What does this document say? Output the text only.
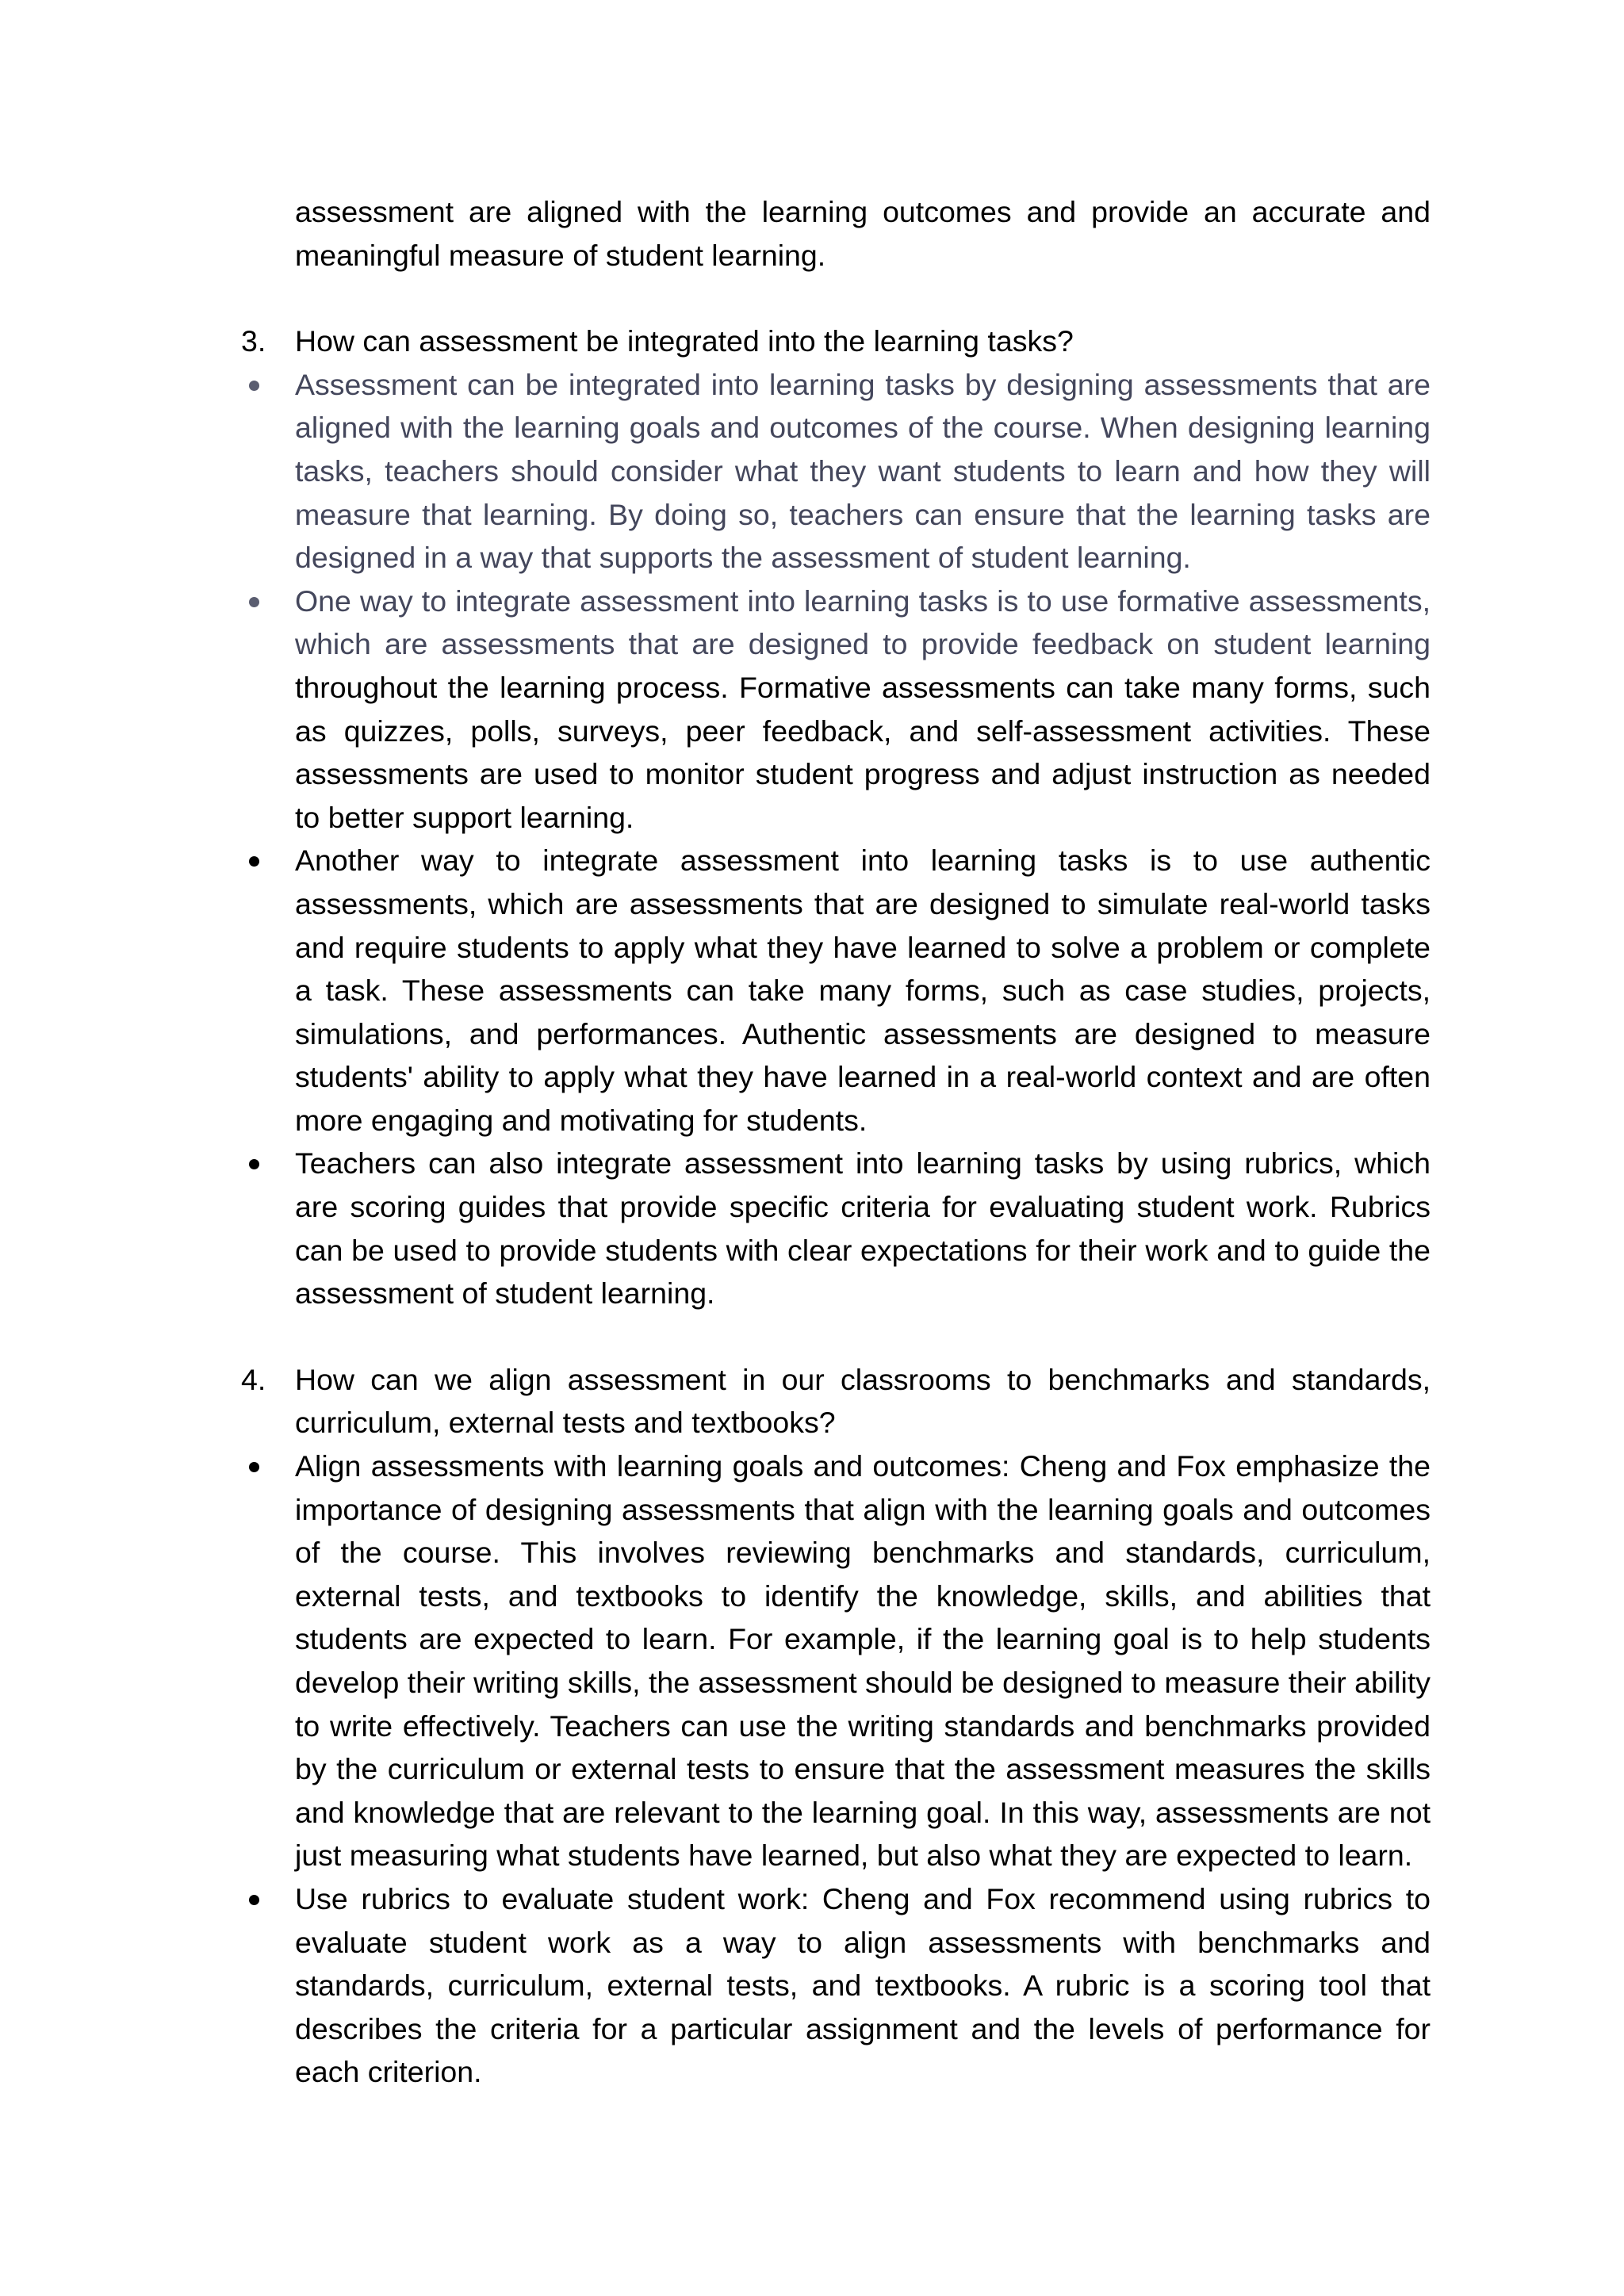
assessment are aligned with the learning outcomes and provide an accurate and meaningful measure of student learning.

3. How can assessment be integrated into the learning tasks?

Assessment can be integrated into learning tasks by designing assessments that are aligned with the learning goals and outcomes of the course. When designing learning tasks, teachers should consider what they want students to learn and how they will measure that learning. By doing so, teachers can ensure that the learning tasks are designed in a way that supports the assessment of student learning.

One way to integrate assessment into learning tasks is to use formative assessments, which are assessments that are designed to provide feedback on student learning throughout the learning process. Formative assessments can take many forms, such as quizzes, polls, surveys, peer feedback, and self-assessment activities. These assessments are used to monitor student progress and adjust instruction as needed to better support learning.

Another way to integrate assessment into learning tasks is to use authentic assessments, which are assessments that are designed to simulate real-world tasks and require students to apply what they have learned to solve a problem or complete a task. These assessments can take many forms, such as case studies, projects, simulations, and performances. Authentic assessments are designed to measure students' ability to apply what they have learned in a real-world context and are often more engaging and motivating for students.

Teachers can also integrate assessment into learning tasks by using rubrics, which are scoring guides that provide specific criteria for evaluating student work. Rubrics can be used to provide students with clear expectations for their work and to guide the assessment of student learning.

4. How can we align assessment in our classrooms to benchmarks and standards, curriculum, external tests and textbooks?

Align assessments with learning goals and outcomes: Cheng and Fox emphasize the importance of designing assessments that align with the learning goals and outcomes of the course. This involves reviewing benchmarks and standards, curriculum, external tests, and textbooks to identify the knowledge, skills, and abilities that students are expected to learn. For example, if the learning goal is to help students develop their writing skills, the assessment should be designed to measure their ability to write effectively. Teachers can use the writing standards and benchmarks provided by the curriculum or external tests to ensure that the assessment measures the skills and knowledge that are relevant to the learning goal. In this way, assessments are not just measuring what students have learned, but also what they are expected to learn.

Use rubrics to evaluate student work: Cheng and Fox recommend using rubrics to evaluate student work as a way to align assessments with benchmarks and standards, curriculum, external tests, and textbooks. A rubric is a scoring tool that describes the criteria for a particular assignment and the levels of performance for each criterion.
